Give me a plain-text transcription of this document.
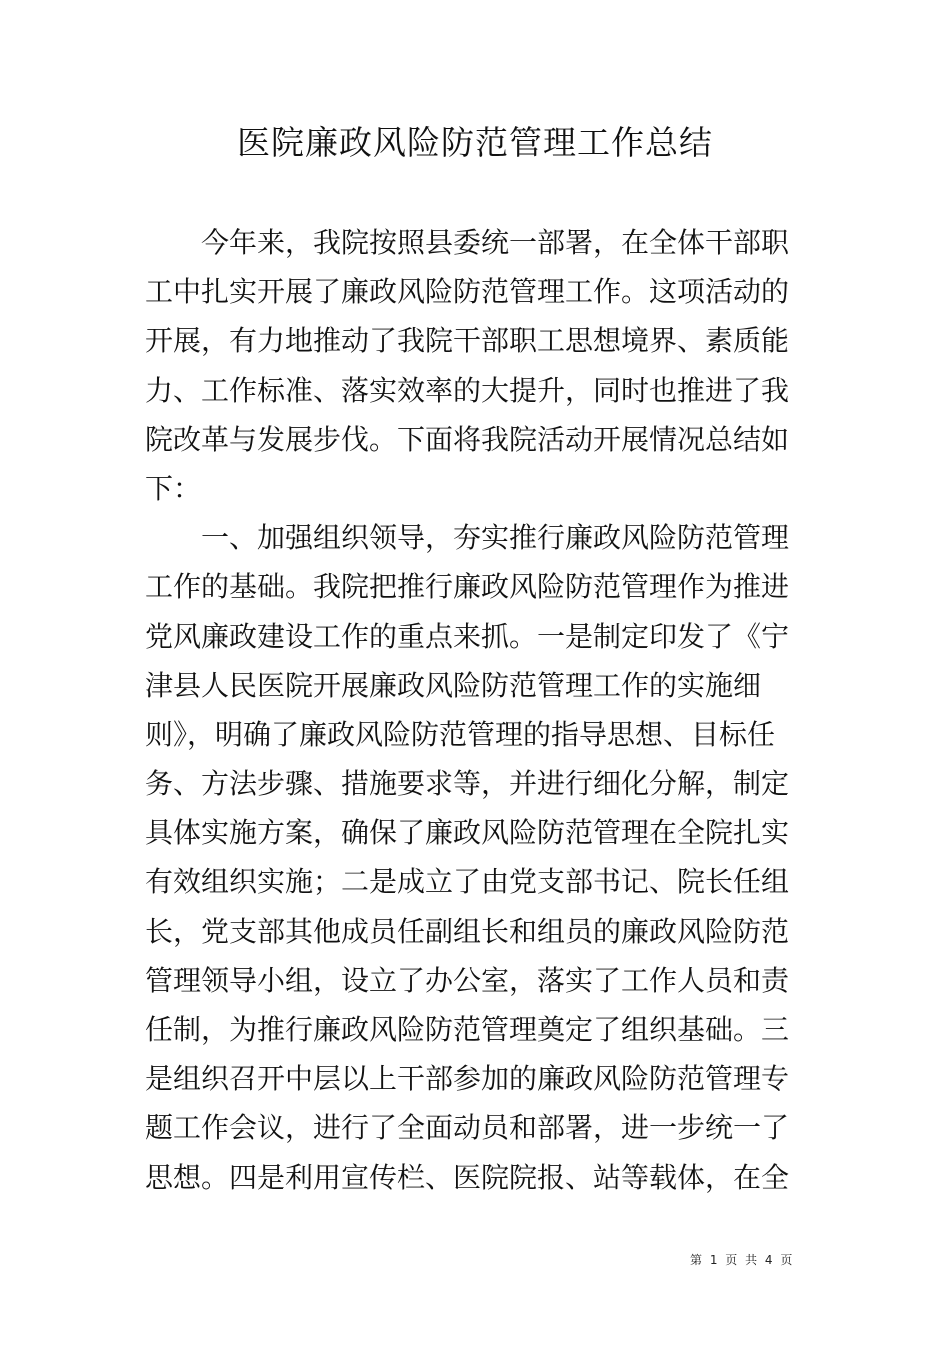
医院廉政风险防范管理工作总结
今年来，我院按照县委统一部署，在全体干部职
工中扎实开展了廉政风险防范管理工作。这项活动的
开展，有力地推动了我院干部职工思想境界、素质能
力、工作标准、落实效率的大提升，同时也推进了我
院改革与发展步伐。下面将我院活动开展情况总结如
下：
一、加强组织领导，夯实推行廉政风险防范管理
工作的基础。我院把推行廉政风险防范管理作为推进
党风廉政建设工作的重点来抓。一是制定印发了《宁
津县人民医院开展廉政风险防范管理工作的实施细
则》，明确了廉政风险防范管理的指导思想、目标任
务、方法步骤、措施要求等，并进行细化分解，制定
具体实施方案，确保了廉政风险防范管理在全院扎实
有效组织实施；二是成立了由党支部书记、院长任组
长，党支部其他成员任副组长和组员的廉政风险防范
管理领导小组，设立了办公室，落实了工作人员和责
任制，为推行廉政风险防范管理奠定了组织基础。三
是组织召开中层以上干部参加的廉政风险防范管理专
题工作会议，进行了全面动员和部署，进一步统一了
思想。四是利用宣传栏、医院院报、站等载体，在全
第 1 页 共 4 页
